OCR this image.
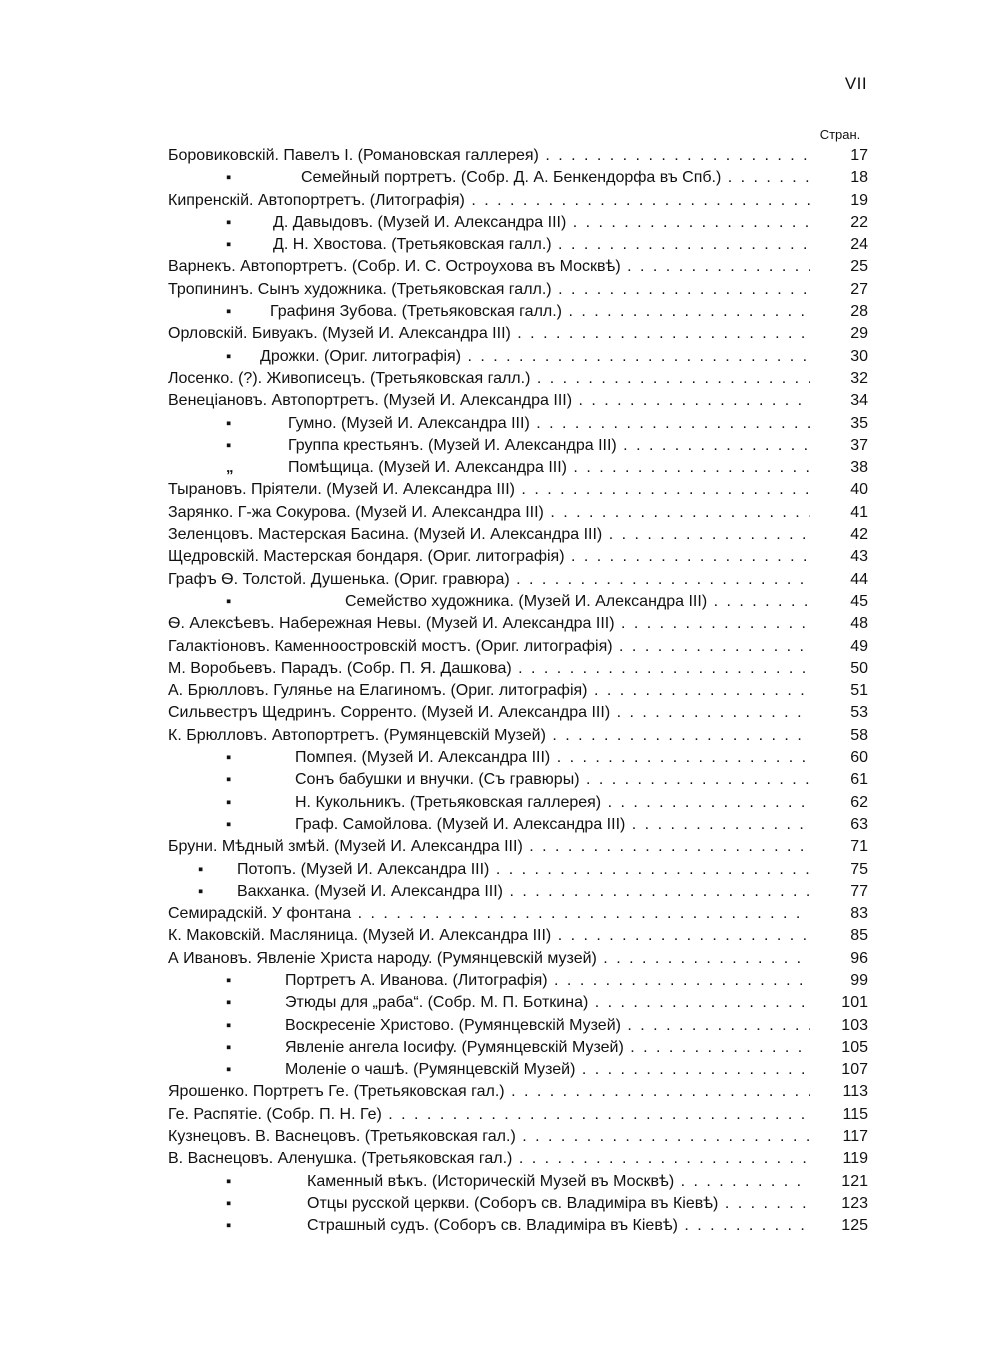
VII
Стран.
Боровиковскій. Павелъ I. (Романовская галлерея) . . .	17
▪	Семейный портретъ. (Собр. Д. А. Бенкендорфа въ Спб.) . . .	18
Кипренскій. Автопортретъ. (Литографія) . . .	19
▪	Д. Давыдовъ. (Музей И. Александра III) . . .	22
▪	Д. Н. Хвостова. (Третьяковская галл.) . . .	24
Варнекъ. Автопортретъ. (Собр. И. С. Остроухова въ Москвѣ) . . .	25
Тропининъ. Сынъ художника. (Третьяковская галл.) . . .	27
▪ Графиня Зубова. (Третьяковская галл.) . . .	28
Орловскій. Бивуакъ. (Музей И. Александра III) . . .	29
▪ Дрожки. (Ориг. литографія) . . .	30
Лосенко. (?). Живописецъ. (Третьяковская галл.) . . .	32
Венеціановъ. Автопортретъ. (Музей И. Александра III) . . .	34
▪	Гумно. (Музей И. Александра III) . . .	35
▪	Группа крестьянъ. (Музей И. Александра III) . . .	37
„	Помѣщица. (Музей И. Александра III) . . .	38
Тырановъ. Пріятели. (Музей И. Александра III) . . .	40
Зарянко. Г-жа Сокурова. (Музей И. Александра III) . . .	41
Зеленцовъ. Мастерская Басина. (Музей И. Александра III) . . .	42
Щедровскій. Мастерская бондаря. (Ориг. литографія) . . .	43
Графъ Ѳ. Толстой. Душенька. (Ориг. гравюра) . . .	44
▪	Семейство художника. (Музей И. Александра III) . . .	45
Ѳ. Алексѣевъ. Набережная Невы. (Музей И. Александра III) . . .	48
Галактіоновъ. Каменноостровскій мостъ. (Ориг. литографія) . . .	49
М. Воробьевъ. Парадъ. (Собр. П. Я. Дашкова) . . .	50
А. Брюлловъ. Гулянье на Елагиномъ. (Ориг. литографія) . . .	51
Сильвестръ Щедринъ. Сорренто. (Музей И. Александра III) . . .	53
К. Брюлловъ. Автопортретъ. (Румянцевскій Музей) . . .	58
▪	Помпея. (Музей И. Александра III) . . .	60
▪	Сонъ бабушки и внучки. (Съ гравюры) . . .	61
▪	Н. Кукольникъ. (Третьяковская галлерея) . . .	62
▪	Граф. Самойлова. (Музей И. Александра III) . . .	63
Бруни. Мѣдный змѣй. (Музей И. Александра III) . . .	71
▪ Потопъ. (Музей И. Александра III) . . .	75
▪ Вакханка. (Музей И. Александра III) . . .	77
Семирадскій. У фонтана . . .	83
К. Маковскій. Масляница. (Музей И. Александра III) . . .	85
А Ивановъ. Явленіе Христа народу. (Румянцевскій музей) . . .	96
▪	Портретъ А. Иванова. (Литографія) . . .	99
▪	Этюды для „раба“. (Собр. М. П. Боткина) . . .	101
▪	Воскресеніе Христово. (Румянцевскій Музей) . . .	103
▪	Явленіе ангела Іосифу. (Румянцевскій Музей) . . .	105
▪	Моленіе о чашѣ. (Румянцевскій Музей) . . .	107
Ярошенко. Портретъ Ге. (Третьяковская гал.) . . .	113
Ге. Распятіе. (Собр. П. Н. Ге) . . .	115
Кузнецовъ. В. Васнецовъ. (Третьяковская гал.) . . .	117
В. Васнецовъ. Аленушка. (Третьяковская гал.) . . .	119
▪	Каменный вѣкъ. (Историческій Музей въ Москвѣ) . . .	121
▪	Отцы русской церкви. (Соборъ св. Владиміра въ Кіевѣ) . . .	123
▪	Страшный судъ. (Соборъ св. Владиміра въ Кіевѣ) . . .	125
